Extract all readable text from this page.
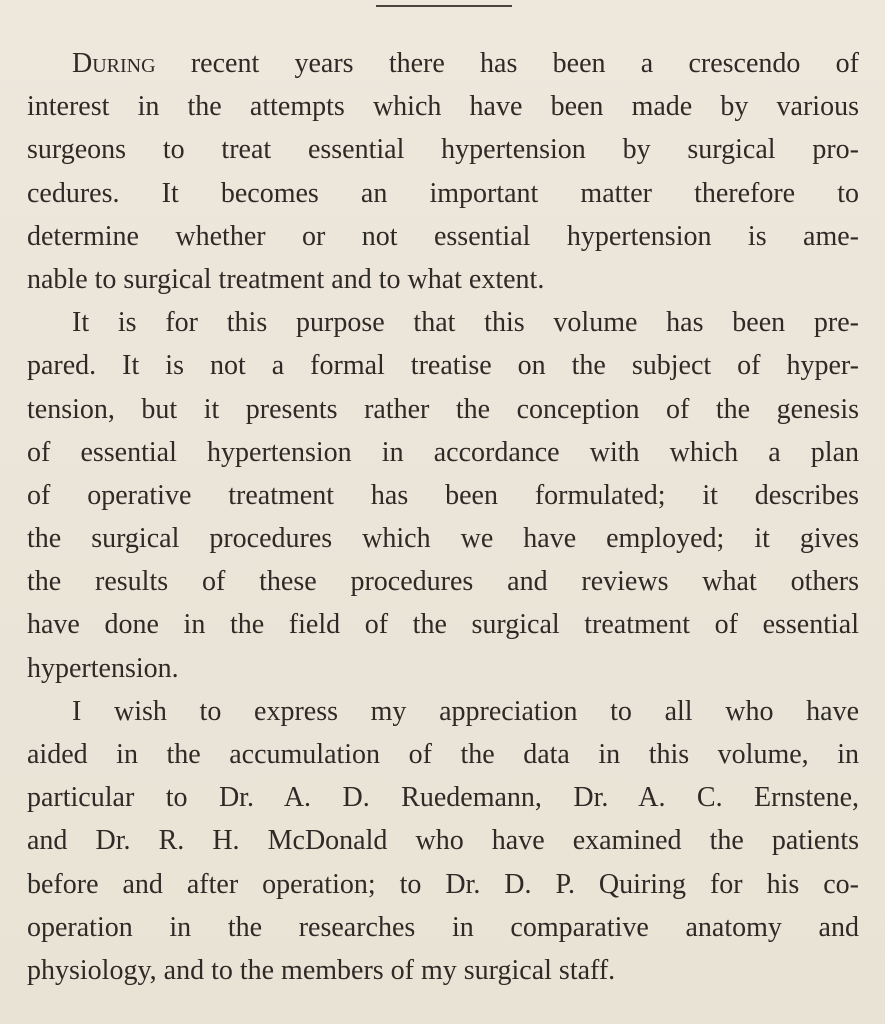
During recent years there has been a crescendo of
interest in the attempts which have been made by various
surgeons to treat essential hypertension by surgical pro-
cedures. It becomes an important matter therefore to
determine whether or not essential hypertension is ame-
nable to surgical treatment and to what extent.
It is for this purpose that this volume has been pre-
pared. It is not a formal treatise on the subject of hyper-
tension, but it presents rather the conception of the genesis
of essential hypertension in accordance with which a plan
of operative treatment has been formulated; it describes
the surgical procedures which we have employed; it gives
the results of these procedures and reviews what others
have done in the field of the surgical treatment of essential
hypertension.
I wish to express my appreciation to all who have
aided in the accumulation of the data in this volume, in
particular to Dr. A. D. Ruedemann, Dr. A. C. Ernstene,
and Dr. R. H. McDonald who have examined the patients
before and after operation; to Dr. D. P. Quiring for his co-
operation in the researches in comparative anatomy and
physiology, and to the members of my surgical staff.
